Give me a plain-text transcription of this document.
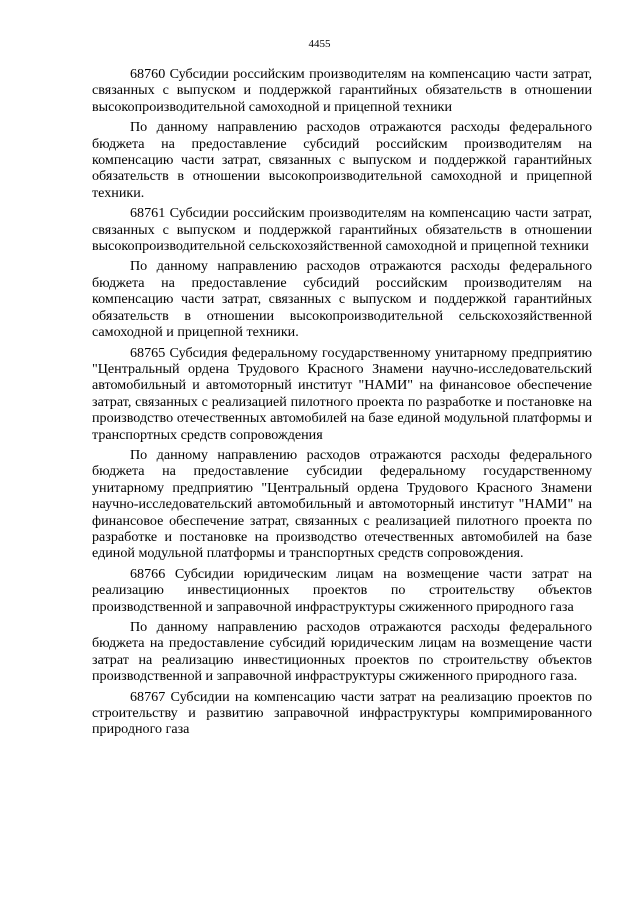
4455

68760 Субсидии российским производителям на компенсацию части затрат, связанных с выпуском и поддержкой гарантийных обязательств в отношении высокопроизводительной самоходной и прицепной техники

По данному направлению расходов отражаются расходы федерального бюджета на предоставление субсидий российским производителям на компенсацию части затрат, связанных с выпуском и поддержкой гарантийных обязательств в отношении высокопроизводительной самоходной и прицепной техники.

68761 Субсидии российским производителям на компенсацию части затрат, связанных с выпуском и поддержкой гарантийных обязательств в отношении высокопроизводительной сельскохозяйственной самоходной и прицепной техники

По данному направлению расходов отражаются расходы федерального бюджета на предоставление субсидий российским производителям на компенсацию части затрат, связанных с выпуском и поддержкой гарантийных обязательств в отношении высокопроизводительной сельскохозяйственной самоходной и прицепной техники.

68765 Субсидия федеральному государственному унитарному предприятию "Центральный ордена Трудового Красного Знамени научно-исследовательский автомобильный и автомоторный институт "НАМИ" на финансовое обеспечение затрат, связанных с реализацией пилотного проекта по разработке и постановке на производство отечественных автомобилей на базе единой модульной платформы и транспортных средств сопровождения

По данному направлению расходов отражаются расходы федерального бюджета на предоставление субсидии федеральному государственному унитарному предприятию "Центральный ордена Трудового Красного Знамени научно-исследовательский автомобильный и автомоторный институт "НАМИ" на финансовое обеспечение затрат, связанных с реализацией пилотного проекта по разработке и постановке на производство отечественных автомобилей на базе единой модульной платформы и транспортных средств сопровождения.

68766 Субсидии юридическим лицам на возмещение части затрат на реализацию инвестиционных проектов по строительству объектов производственной и заправочной инфраструктуры сжиженного природного газа

По данному направлению расходов отражаются расходы федерального бюджета на предоставление субсидий юридическим лицам на возмещение части затрат на реализацию инвестиционных проектов по строительству объектов производственной и заправочной инфраструктуры сжиженного природного газа.

68767 Субсидии на компенсацию части затрат на реализацию проектов по строительству и развитию заправочной инфраструктуры компримированного природного газа
